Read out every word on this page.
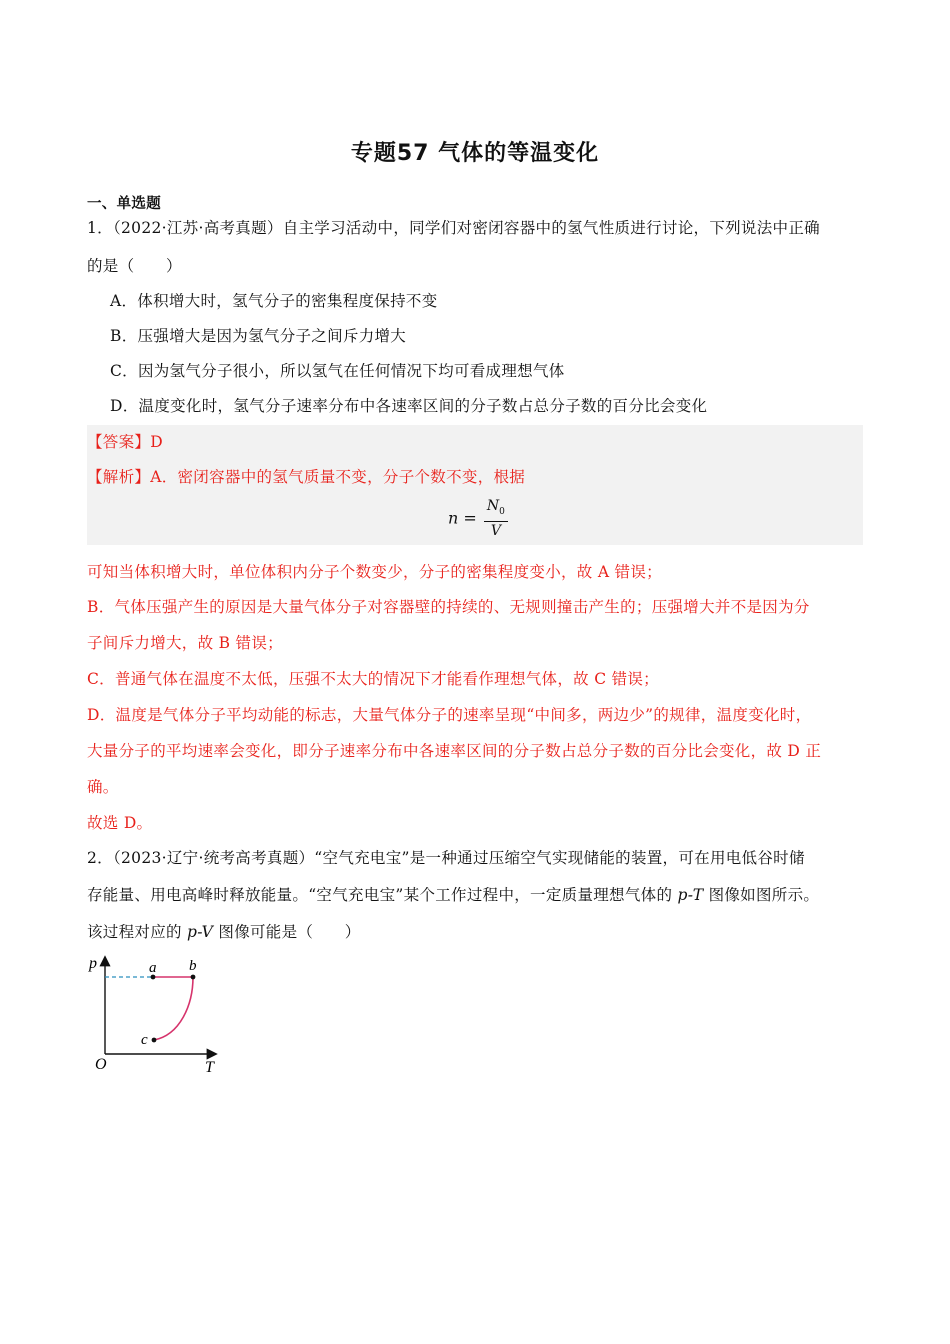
专题57 气体的等温变化
一、单选题
1．（2022·江苏·高考真题）自主学习活动中，同学们对密闭容器中的氢气性质进行讨论，下列说法中正确
的是（　　）
A．体积增大时，氢气分子的密集程度保持不变
B．压强增大是因为氢气分子之间斥力增大
C．因为氢气分子很小，所以氢气在任何情况下均可看成理想气体
D．温度变化时，氢气分子速率分布中各速率区间的分子数占总分子数的百分比会变化
【答案】D
【解析】A．密闭容器中的氢气质量不变，分子个数不变，根据
$n = \frac{N_0}{V}$
可知当体积增大时，单位体积内分子个数变少，分子的密集程度变小，故 A 错误；
B．气体压强产生的原因是大量气体分子对容器壁的持续的、无规则撞击产生的；压强增大并不是因为分
子间斥力增大，故 B 错误；
C．普通气体在温度不太低，压强不太大的情况下才能看作理想气体，故 C 错误；
D．温度是气体分子平均动能的标志，大量气体分子的速率呈现“中间多，两边少”的规律，温度变化时，
大量分子的平均速率会变化，即分子速率分布中各速率区间的分子数占总分子数的百分比会变化，故 D 正
确。
故选 D。
2．（2023·辽宁·统考高考真题）“空气充电宝”是一种通过压缩空气实现储能的装置，可在用电低谷时储
存能量、用电高峰时释放能量。“空气充电宝”某个工作过程中，一定质量理想气体的 p-T 图像如图所示。
该过程对应的 p-V 图像可能是（　　）
p
T
O
a b
c
